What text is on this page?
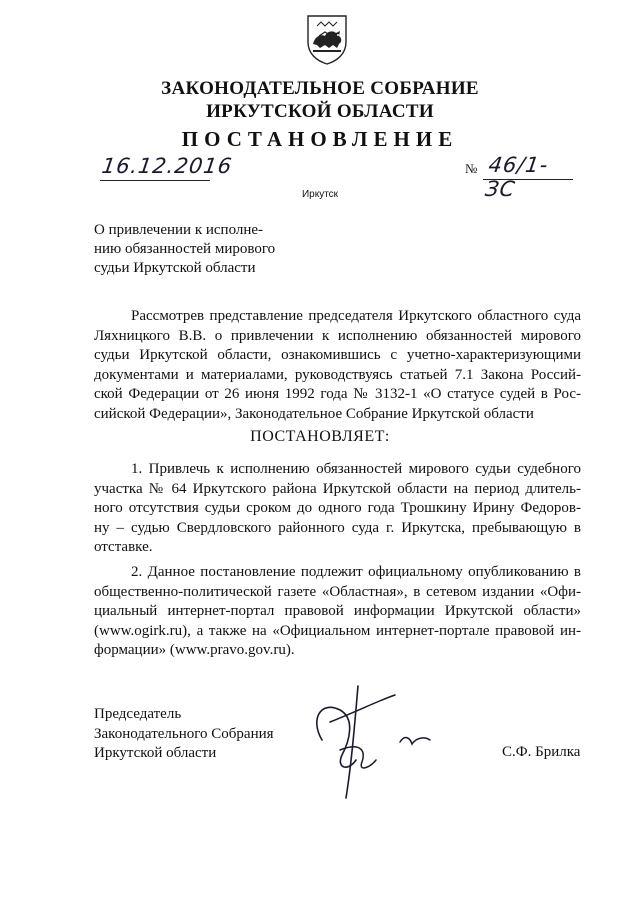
ЗАКОНОДАТЕЛЬНОЕ СОБРАНИЕ
ИРКУТСКОЙ ОБЛАСТИ
ПОСТАНОВЛЕНИЕ
16.12.2016	№ 46/1-ЗС
Иркутск
О привлечении к исполне-
нию обязанностей мирового
судьи Иркутской области
Рассмотрев представление председателя Иркутского областного суда
Ляхницкого В.В. о привлечении к исполнению обязанностей мирового
судьи Иркутской области, ознакомившись с учетно-характеризующими
документами и материалами, руководствуясь статьей 7.1 Закона Россий-
ской Федерации от 26 июня 1992 года № 3132-1 «О статусе судей в Рос-
сийской Федерации», Законодательное Собрание Иркутской области
ПОСТАНОВЛЯЕТ:
1. Привлечь к исполнению обязанностей мирового судьи судебного
участка № 64 Иркутского района Иркутской области на период длитель-
ного отсутствия судьи сроком до одного года Трошкину Ирину Федоров-
ну – судью Свердловского районного суда г. Иркутска, пребывающую в
отставке.
2. Данное постановление подлежит официальному опубликованию в
общественно-политической газете «Областная», в сетевом издании «Офи-
циальный интернет-портал правовой информации Иркутской области»
(www.ogirk.ru), а также на «Официальном интернет-портале правовой ин-
формации» (www.pravo.gov.ru).
Председатель
Законодательного Собрания
Иркутской области	С.Ф. Брилка
